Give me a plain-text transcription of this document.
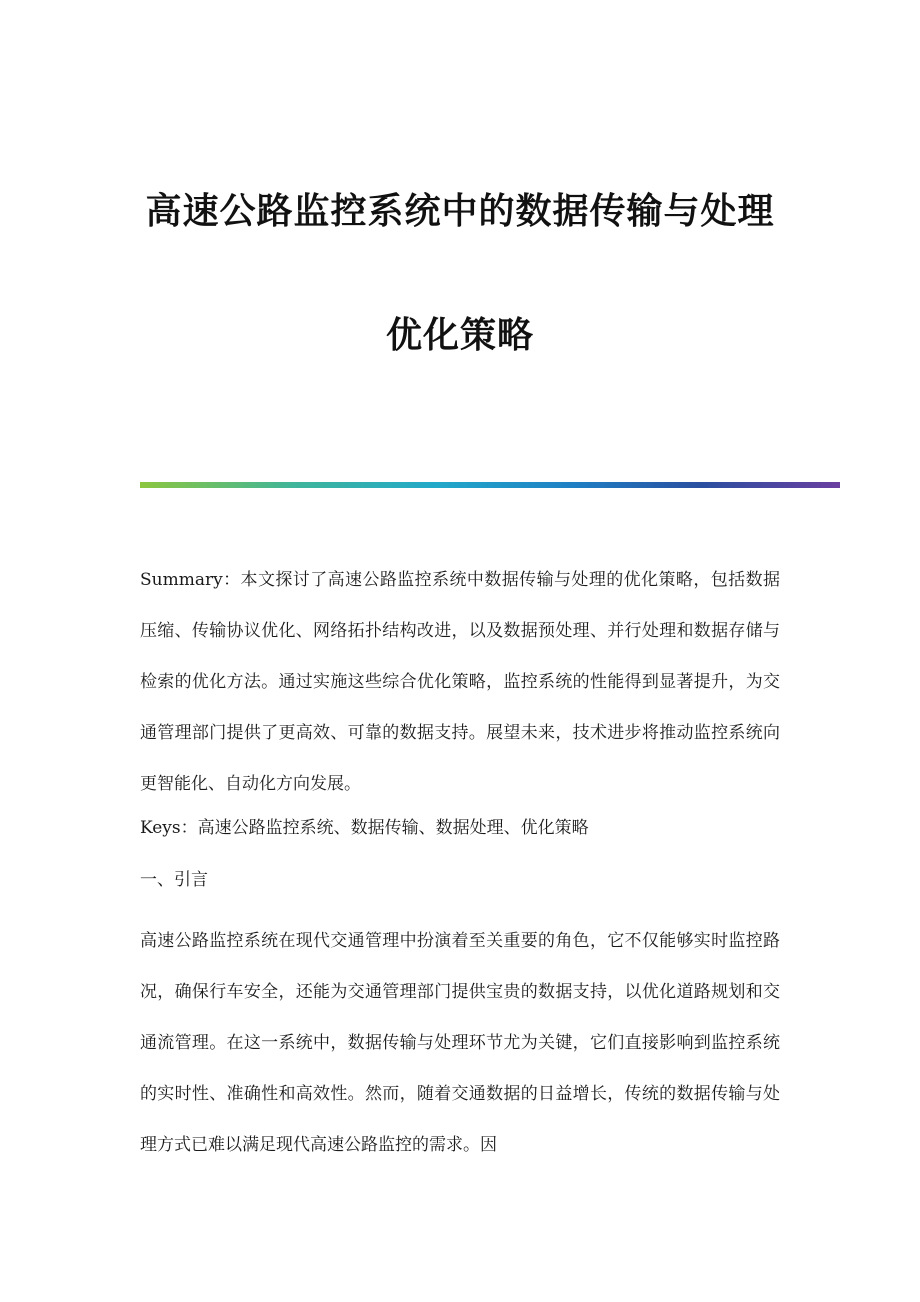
高速公路监控系统中的数据传输与处理
优化策略

Summary：本文探讨了高速公路监控系统中数据传输与处理的优化策略，包括数据压缩、传输协议优化、网络拓扑结构改进，以及数据预处理、并行处理和数据存储与检索的优化方法。通过实施这些综合优化策略，监控系统的性能得到显著提升，为交通管理部门提供了更高效、可靠的数据支持。展望未来，技术进步将推动监控系统向更智能化、自动化方向发展。

Keys：高速公路监控系统、数据传输、数据处理、优化策略

一、引言

高速公路监控系统在现代交通管理中扮演着至关重要的角色，它不仅能够实时监控路况，确保行车安全，还能为交通管理部门提供宝贵的数据支持，以优化道路规划和交通流管理。在这一系统中，数据传输与处理环节尤为关键，它们直接影响到监控系统的实时性、准确性和高效性。然而，随着交通数据的日益增长，传统的数据传输与处理方式已难以满足现代高速公路监控的需求。因
